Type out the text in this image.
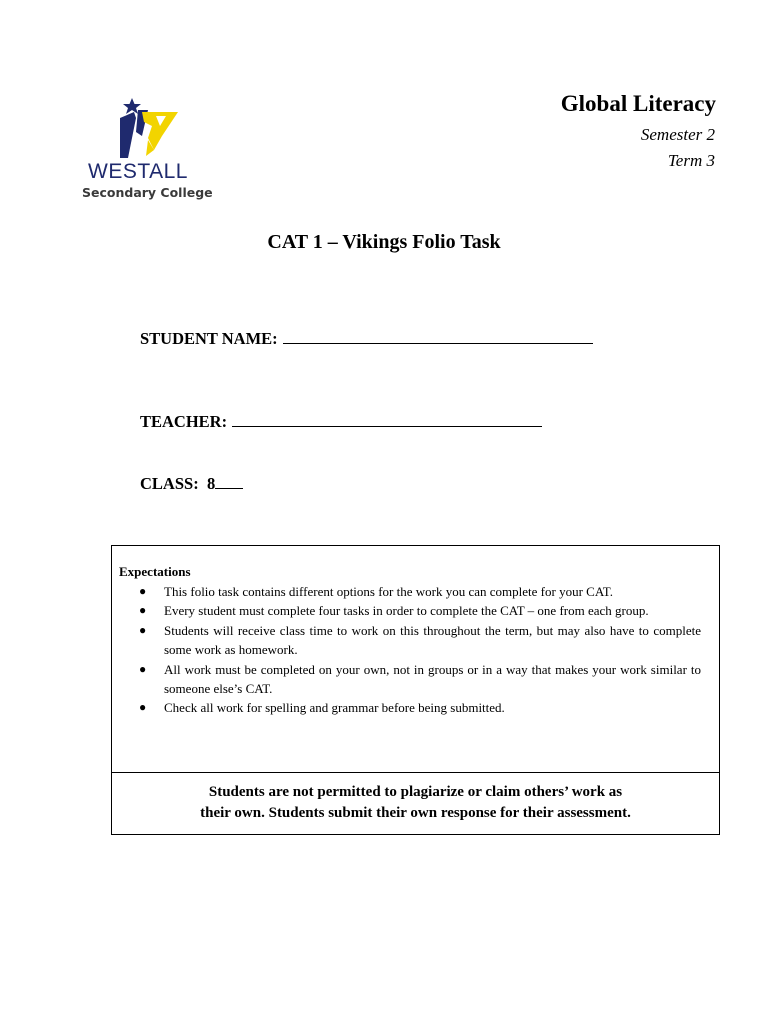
WESTALL
Secondary College
Global Literacy
Semester 2
Term 3
CAT 1 – Vikings Folio Task
STUDENT NAME:
TEACHER:
CLASS: 8
Expectations
● This folio task contains different options for the work you can complete for your CAT.
● Every student must complete four tasks in order to complete the CAT – one from each group.
● Students will receive class time to work on this throughout the term, but may also have to complete some work as homework.
● All work must be completed on your own, not in groups or in a way that makes your work similar to someone else’s CAT.
● Check all work for spelling and grammar before being submitted.
Students are not permitted to plagiarize or claim others’ work as
their own. Students submit their own response for their assessment.
